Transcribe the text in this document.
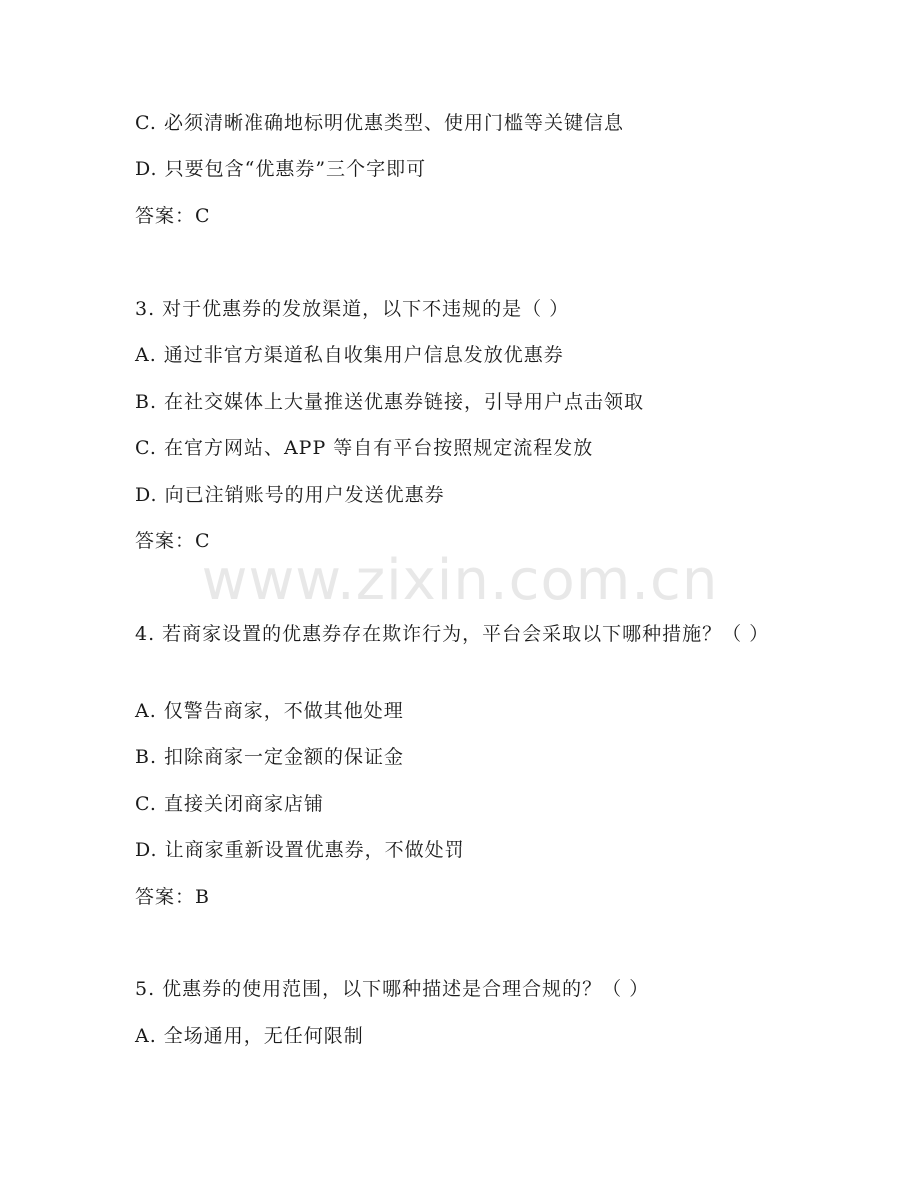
C. 必须清晰准确地标明优惠类型、使用门槛等关键信息
D. 只要包含“优惠券”三个字即可
答案：C
3. 对于优惠券的发放渠道，以下不违规的是（ ）
A. 通过非官方渠道私自收集用户信息发放优惠券
B. 在社交媒体上大量推送优惠券链接，引导用户点击领取
C. 在官方网站、APP 等自有平台按照规定流程发放
D. 向已注销账号的用户发送优惠券
答案：C
www.zixin.com.cn
4. 若商家设置的优惠券存在欺诈行为，平台会采取以下哪种措施？（ ）
A. 仅警告商家，不做其他处理
B. 扣除商家一定金额的保证金
C. 直接关闭商家店铺
D. 让商家重新设置优惠券，不做处罚
答案：B
5. 优惠券的使用范围，以下哪种描述是合理合规的？（ ）
A. 全场通用，无任何限制
